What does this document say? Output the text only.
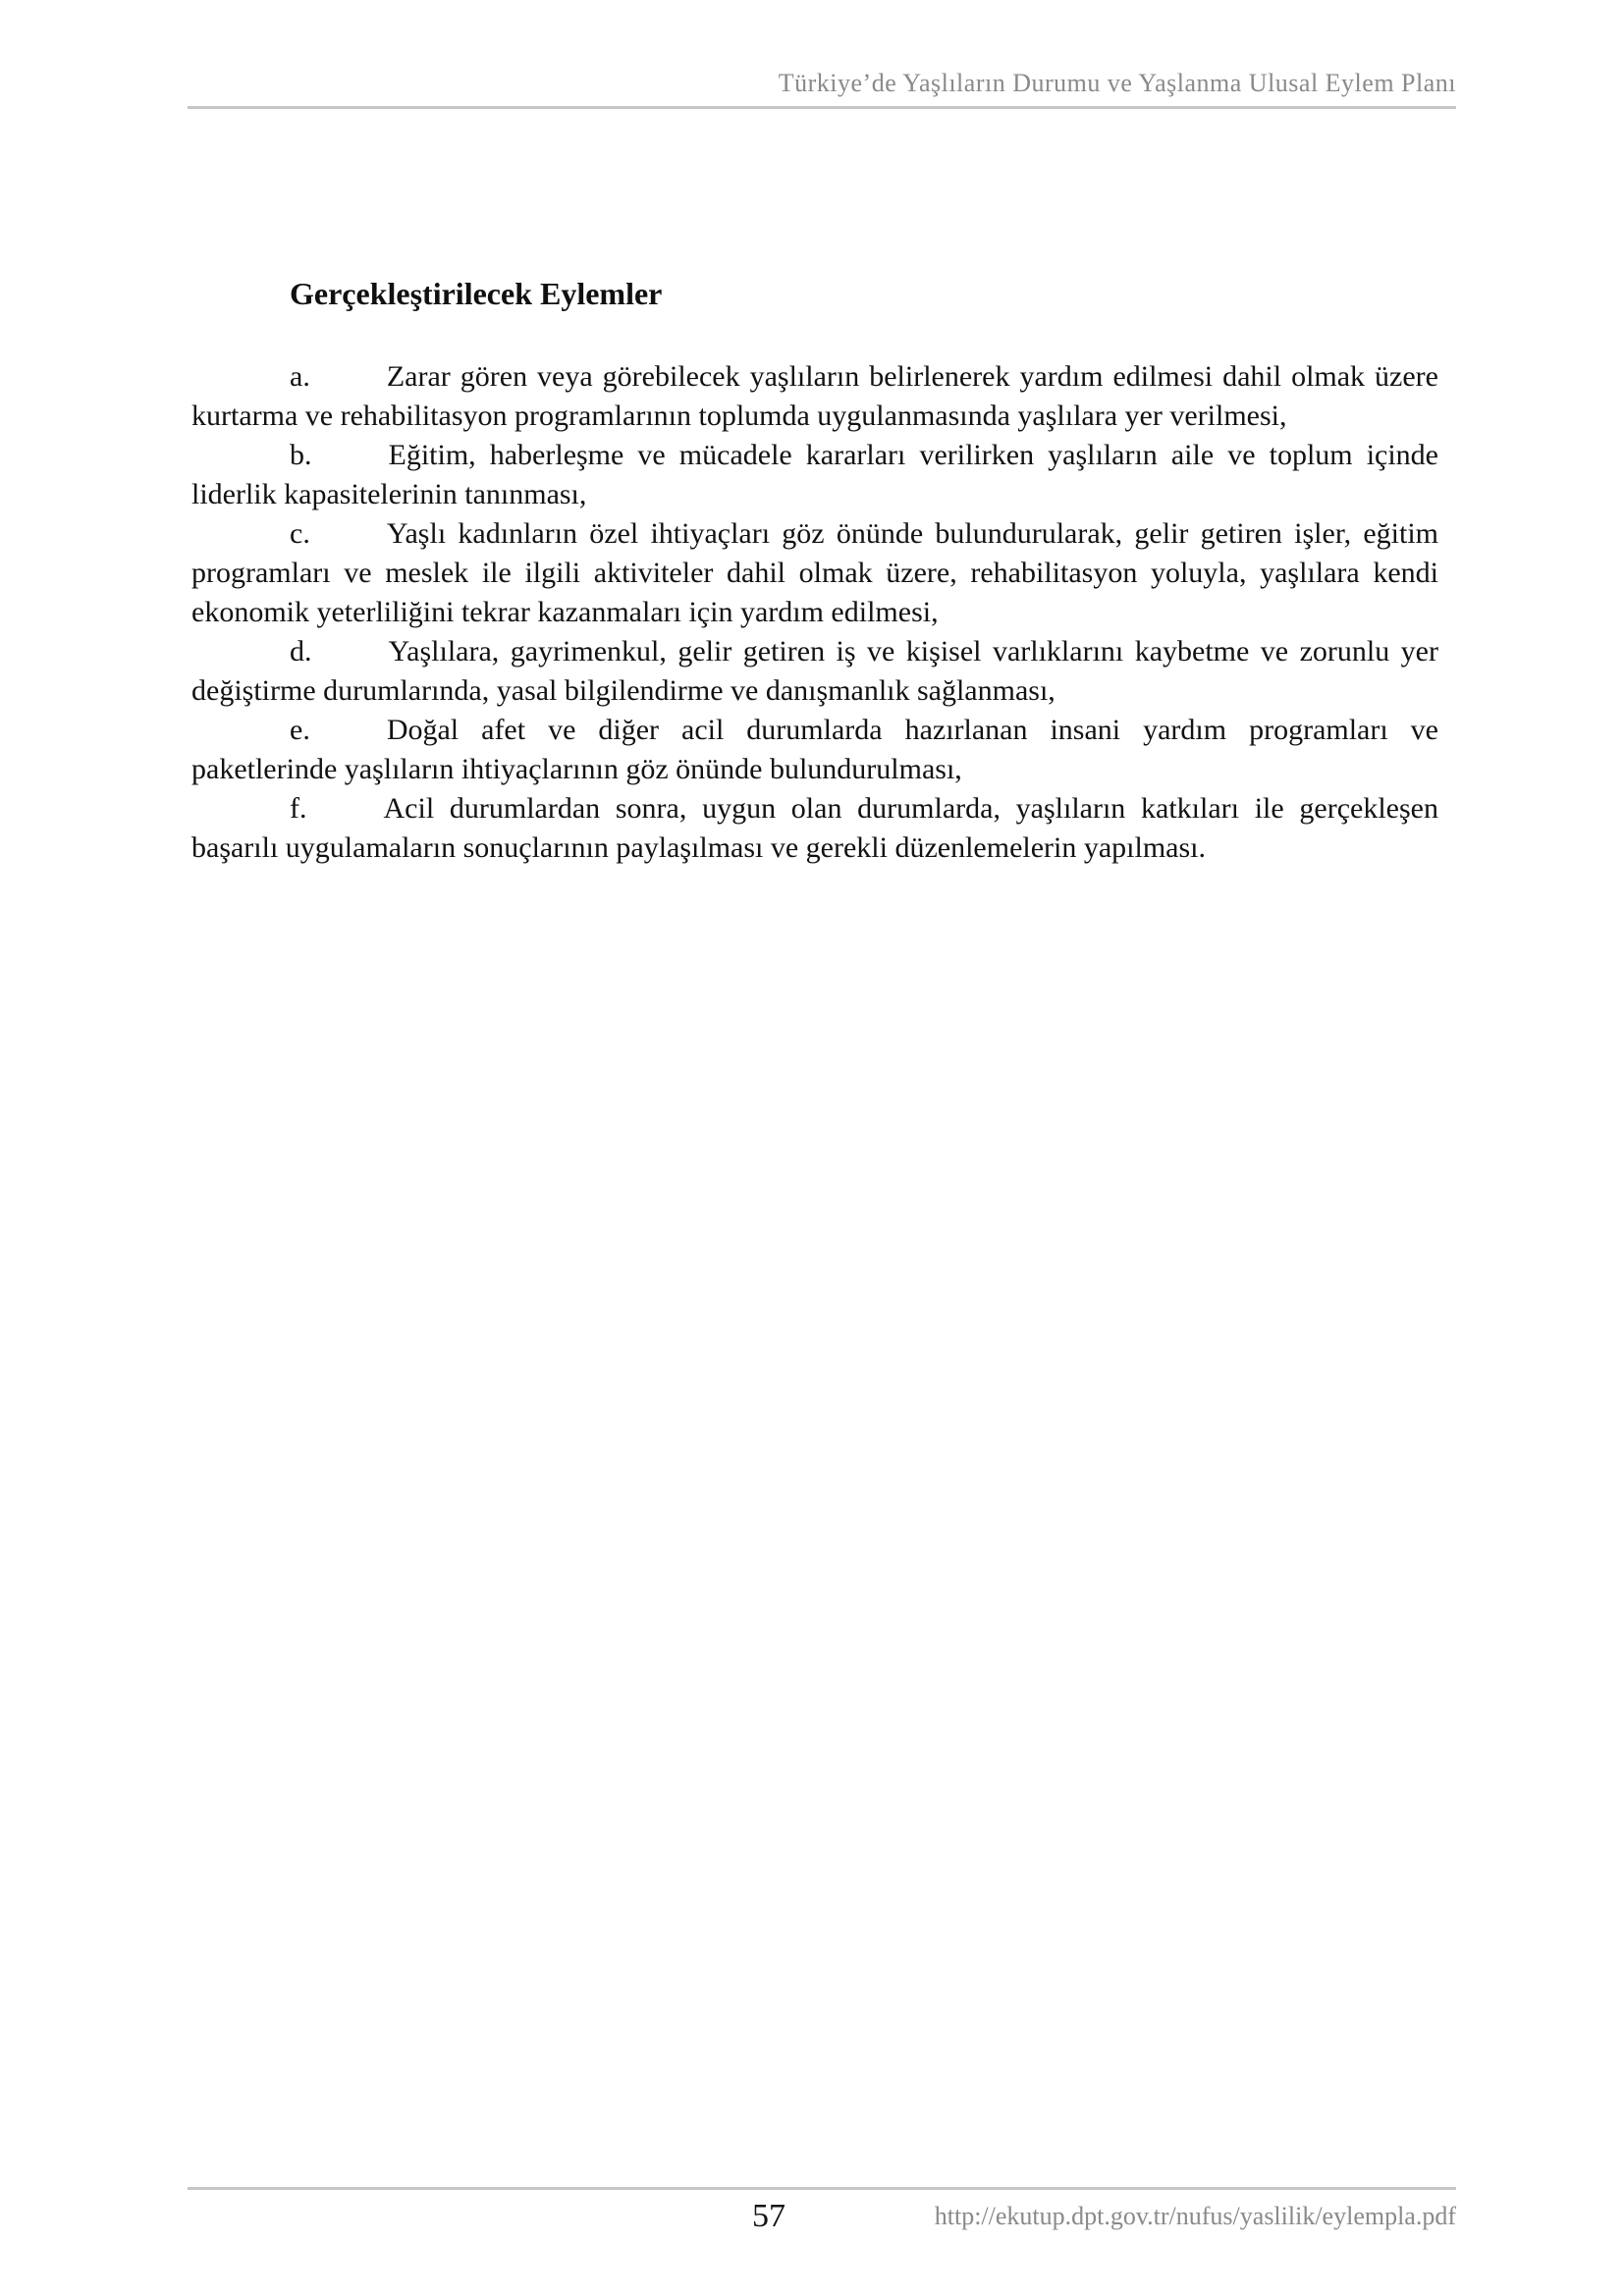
Türkiye’de Yaşlıların Durumu ve Yaşlanma Ulusal Eylem Planı
Gerçekleştirilecek Eylemler

a.	Zarar gören veya görebilecek yaşlıların belirlenerek yardım edilmesi dahil olmak üzere kurtarma ve rehabilitasyon programlarının toplumda uygulanmasında yaşlılara yer verilmesi,

b.	Eğitim, haberleşme ve mücadele kararları verilirken yaşlıların aile ve toplum içinde liderlik kapasitelerinin tanınması,

c.	Yaşlı kadınların özel ihtiyaçları göz önünde bulundurularak, gelir getiren işler, eğitim programları ve meslek ile ilgili aktiviteler dahil olmak üzere, rehabilitasyon yoluyla, yaşlılara kendi ekonomik yeterliliğini tekrar kazanmaları için yardım edilmesi,

d.	Yaşlılara, gayrimenkul, gelir getiren iş ve kişisel varlıklarını kaybetme ve zorunlu yer değiştirme durumlarında, yasal bilgilendirme ve danışmanlık sağlanması,

e.	Doğal afet ve diğer acil durumlarda hazırlanan insani yardım programları ve paketlerinde yaşlıların ihtiyaçlarının göz önünde bulundurulması,

f.	Acil durumlardan sonra, uygun olan durumlarda, yaşlıların katkıları ile gerçekleşen başarılı uygulamaların sonuçlarının paylaşılması ve gerekli düzenlemelerin yapılması.

57	http://ekutup.dpt.gov.tr/nufus/yaslilik/eylempla.pdf
